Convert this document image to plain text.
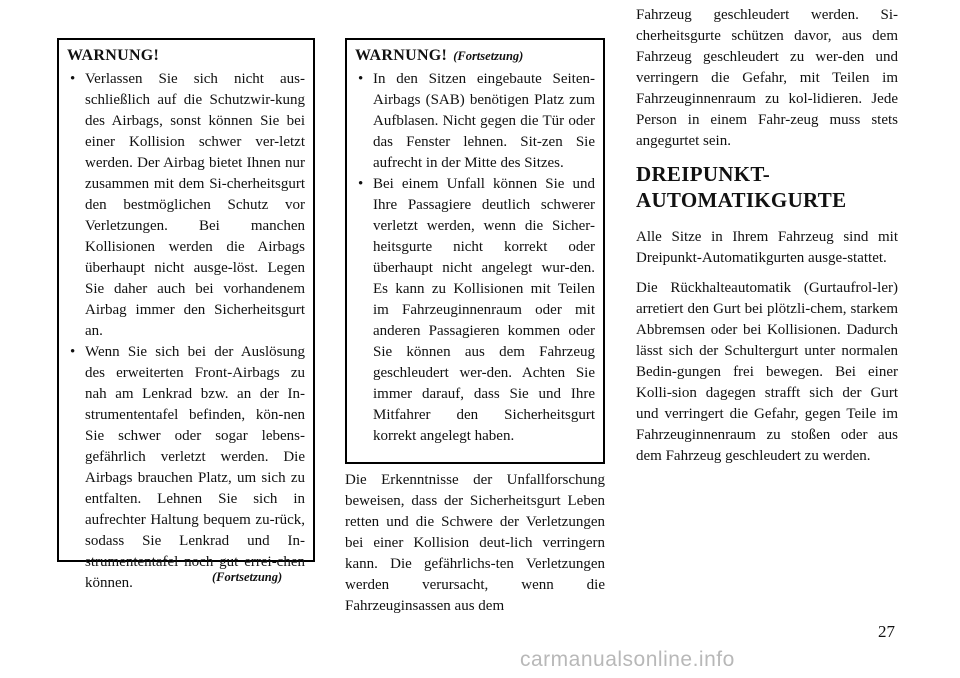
WARNUNG!
• Verlassen Sie sich nicht aus-schließlich auf die Schutzwir-kung des Airbags, sonst können Sie bei einer Kollision schwer ver-letzt werden. Der Airbag bietet Ihnen nur zusammen mit dem Si-cherheitsgurt den bestmöglichen Schutz vor Verletzungen. Bei manchen Kollisionen werden die Airbags überhaupt nicht ausge-löst. Legen Sie daher auch bei vorhandenem Airbag immer den Sicherheitsgurt an.
• Wenn Sie sich bei der Auslösung des erweiterten Front-Airbags zu nah am Lenkrad bzw. an der In-strumententafel befinden, kön-nen Sie schwer oder sogar lebens-gefährlich verletzt werden. Die Airbags brauchen Platz, um sich zu entfalten. Lehnen Sie sich in aufrechter Haltung bequem zu-rück, sodass Sie Lenkrad und In-strumententafel noch gut errei-chen können.	(Fortsetzung)
WARNUNG! (Fortsetzung)
• In den Sitzen eingebaute Seiten-Airbags (SAB) benötigen Platz zum Aufblasen. Nicht gegen die Tür oder das Fenster lehnen. Sit-zen Sie aufrecht in der Mitte des Sitzes.
• Bei einem Unfall können Sie und Ihre Passagiere deutlich schwerer verletzt werden, wenn die Sicher-heitsgurte nicht korrekt oder überhaupt nicht angelegt wur-den. Es kann zu Kollisionen mit Teilen im Fahrzeuginnenraum oder mit anderen Passagieren kommen oder Sie können aus dem Fahrzeug geschleudert wer-den. Achten Sie immer darauf, dass Sie und Ihre Mitfahrer den Sicherheitsgurt korrekt angelegt haben.

Die Erkenntnisse der Unfallforschung beweisen, dass der Sicherheitsgurt Leben retten und die Schwere der Verletzungen bei einer Kollision deut-lich verringern kann. Die gefährlichs-ten Verletzungen werden verursacht, wenn die Fahrzeuginsassen aus dem

Fahrzeug geschleudert werden. Si-cherheitsgurte schützen davor, aus dem Fahrzeug geschleudert zu wer-den und verringern die Gefahr, mit Teilen im Fahrzeuginnenraum zu kol-lidieren. Jede Person in einem Fahr-zeug muss stets angegurtet sein.

DREIPUNKT-
AUTOMATIKGURTE

Alle Sitze in Ihrem Fahrzeug sind mit Dreipunkt-Automatikgurten ausge-stattet.

Die Rückhalteautomatik (Gurtaufrol-ler) arretiert den Gurt bei plötzli-chem, starkem Abbremsen oder bei Kollisionen. Dadurch lässt sich der Schultergurt unter normalen Bedin-gungen frei bewegen. Bei einer Kolli-sion dagegen strafft sich der Gurt und verringert die Gefahr, gegen Teile im Fahrzeuginnenraum zu stoßen oder aus dem Fahrzeug geschleudert zu werden.

27
carmanualsonline.info
